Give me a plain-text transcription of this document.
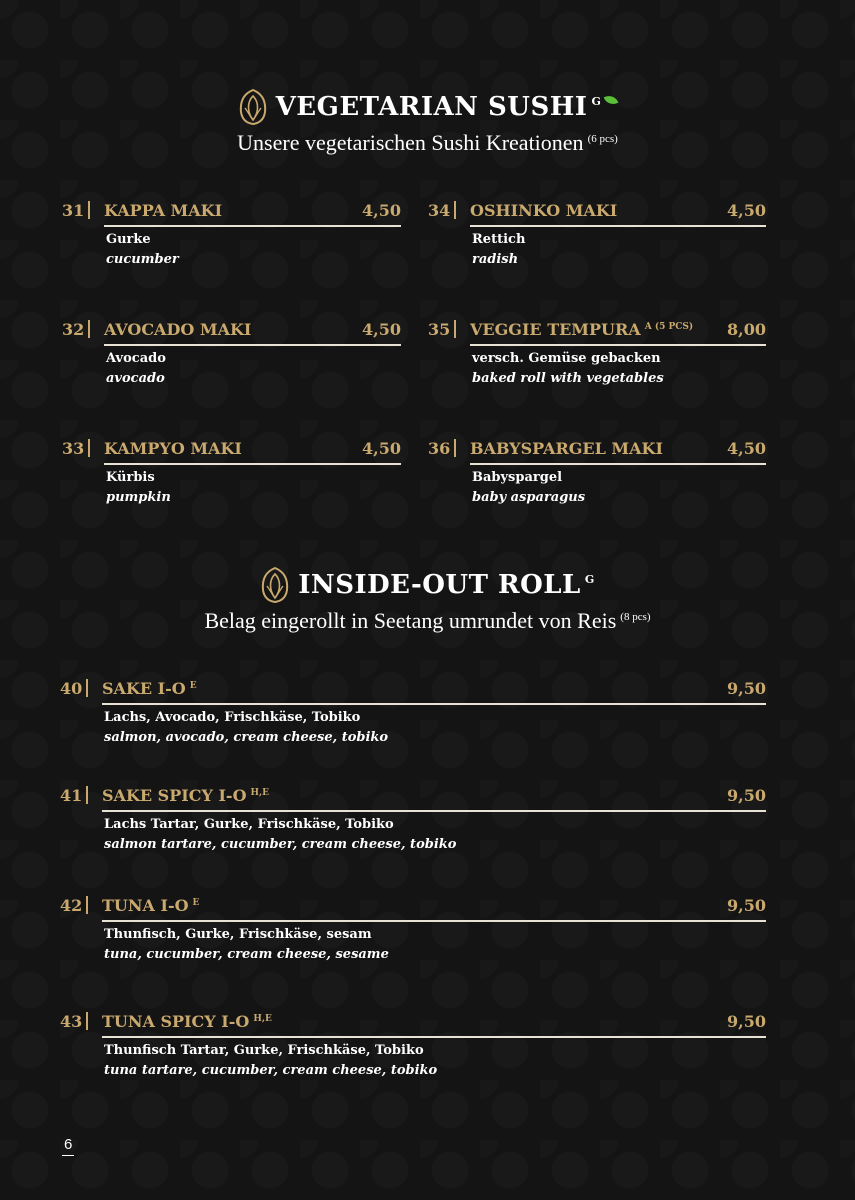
VEGETARIAN SUSHI $^G$
Unsere vegetarischen Sushi Kreationen $^{(6 pcs)}$
31 KAPPA MAKI	4,50
Gurke
cucumber
34 OSHINKO MAKI	4,50
Rettich
radish
32 AVOCADO MAKI	4,50
Avocado
avocado
35 VEGGIE TEMPURA $^{A (5 PCS)}$ 8,00
versch. Gemüse gebacken
baked roll with vegetables
33 KAMPYO MAKI	4,50
Kürbis
pumpkin
36 BABYSPARGEL MAKI	4,50
Babyspargel
baby asparagus
INSIDE-OUT ROLL $^G$
Belag eingerollt in Seetang umrundet von Reis $^{(8 pcs)}$
40 SAKE I-O $^E$	9,50
Lachs, Avocado, Frischkäse, Tobiko
salmon, avocado, cream cheese, tobiko
41 SAKE SPICY I-O $^{H,E}$	9,50
Lachs Tartar, Gurke, Frischkäse, Tobiko
salmon tartare, cucumber, cream cheese, tobiko
42 TUNA I-O $^E$	9,50
Thunfisch, Gurke, Frischkäse, sesam
tuna, cucumber, cream cheese, sesame
43 TUNA SPICY I-O $^{H,E}$	9,50
Thunfisch Tartar, Gurke, Frischkäse, Tobiko
tuna tartare, cucumber, cream cheese, tobiko
6
